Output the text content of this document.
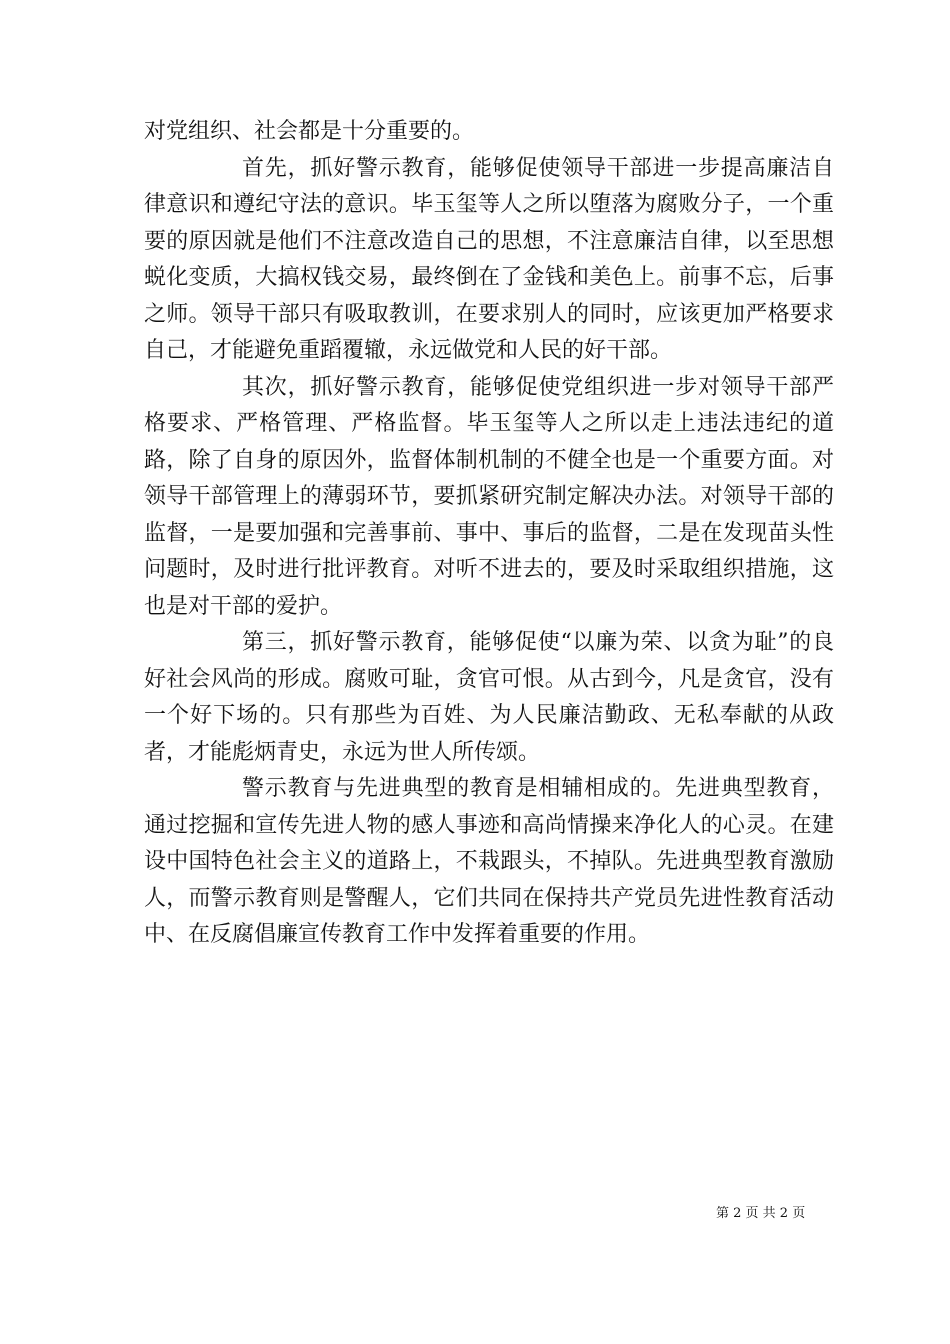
对党组织、社会都是十分重要的。

首先，抓好警示教育，能够促使领导干部进一步提高廉洁自律意识和遵纪守法的意识。毕玉玺等人之所以堕落为腐败分子，一个重要的原因就是他们不注意改造自己的思想，不注意廉洁自律，以至思想蜕化变质，大搞权钱交易，最终倒在了金钱和美色上。前事不忘，后事之师。领导干部只有吸取教训，在要求别人的同时，应该更加严格要求自己，才能避免重蹈覆辙，永远做党和人民的好干部。

其次，抓好警示教育，能够促使党组织进一步对领导干部严格要求、严格管理、严格监督。毕玉玺等人之所以走上违法违纪的道路，除了自身的原因外，监督体制机制的不健全也是一个重要方面。对领导干部管理上的薄弱环节，要抓紧研究制定解决办法。对领导干部的监督，一是要加强和完善事前、事中、事后的监督，二是在发现苗头性问题时，及时进行批评教育。对听不进去的，要及时采取组织措施，这也是对干部的爱护。

第三，抓好警示教育，能够促使“以廉为荣、以贪为耻”的良好社会风尚的形成。腐败可耻，贪官可恨。从古到今，凡是贪官，没有一个好下场的。只有那些为百姓、为人民廉洁勤政、无私奉献的从政者，才能彪炳青史，永远为世人所传颂。

警示教育与先进典型的教育是相辅相成的。先进典型教育，通过挖掘和宣传先进人物的感人事迹和高尚情操来净化人的心灵。在建设中国特色社会主义的道路上，不栽跟头，不掉队。先进典型教育激励人，而警示教育则是警醒人，它们共同在保持共产党员先进性教育活动中、在反腐倡廉宣传教育工作中发挥着重要的作用。

第 2 页 共 2 页
